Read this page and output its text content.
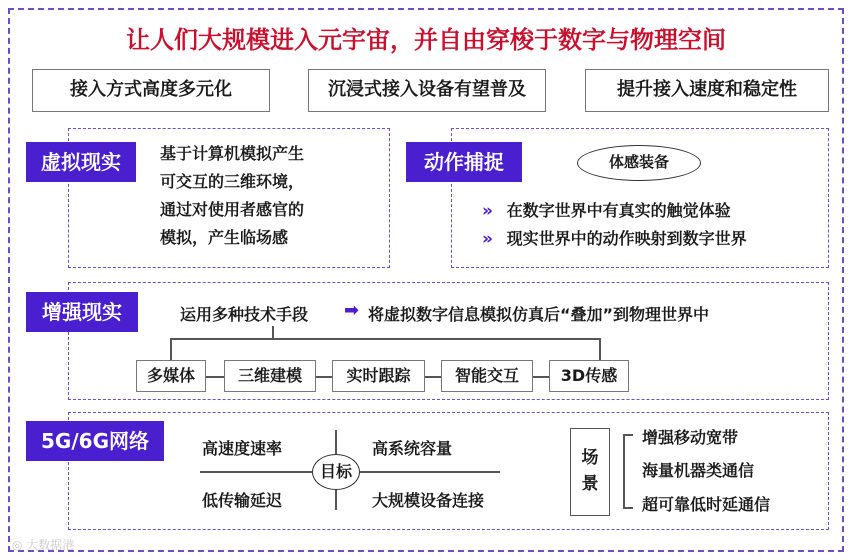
让人们大规模进入元宇宙，并自由穿梭于数字与物理空间
接入方式高度多元化	沉浸式接入设备有望普及	提升接入速度和稳定性
虚拟现实	基于计算机模拟产生
可交互的三维环境，
通过对使用者感官的
模拟，产生临场感
动作捕捉	体感装备
» 在数字世界中有真实的触觉体验
» 现实世界中的动作映射到数字世界
增强现实	运用多种技术手段 ➡ 将虚拟数字信息模拟仿真后“叠加”到物理世界中
多媒体	三维建模	实时跟踪	智能交互	3D传感
5G/6G网络
目标
高速度速率	高系统容量
低传输延迟	大规模设备连接
场
景
增强移动宽带
海量机器类通信
超可靠低时延通信
◎ 大数据港
